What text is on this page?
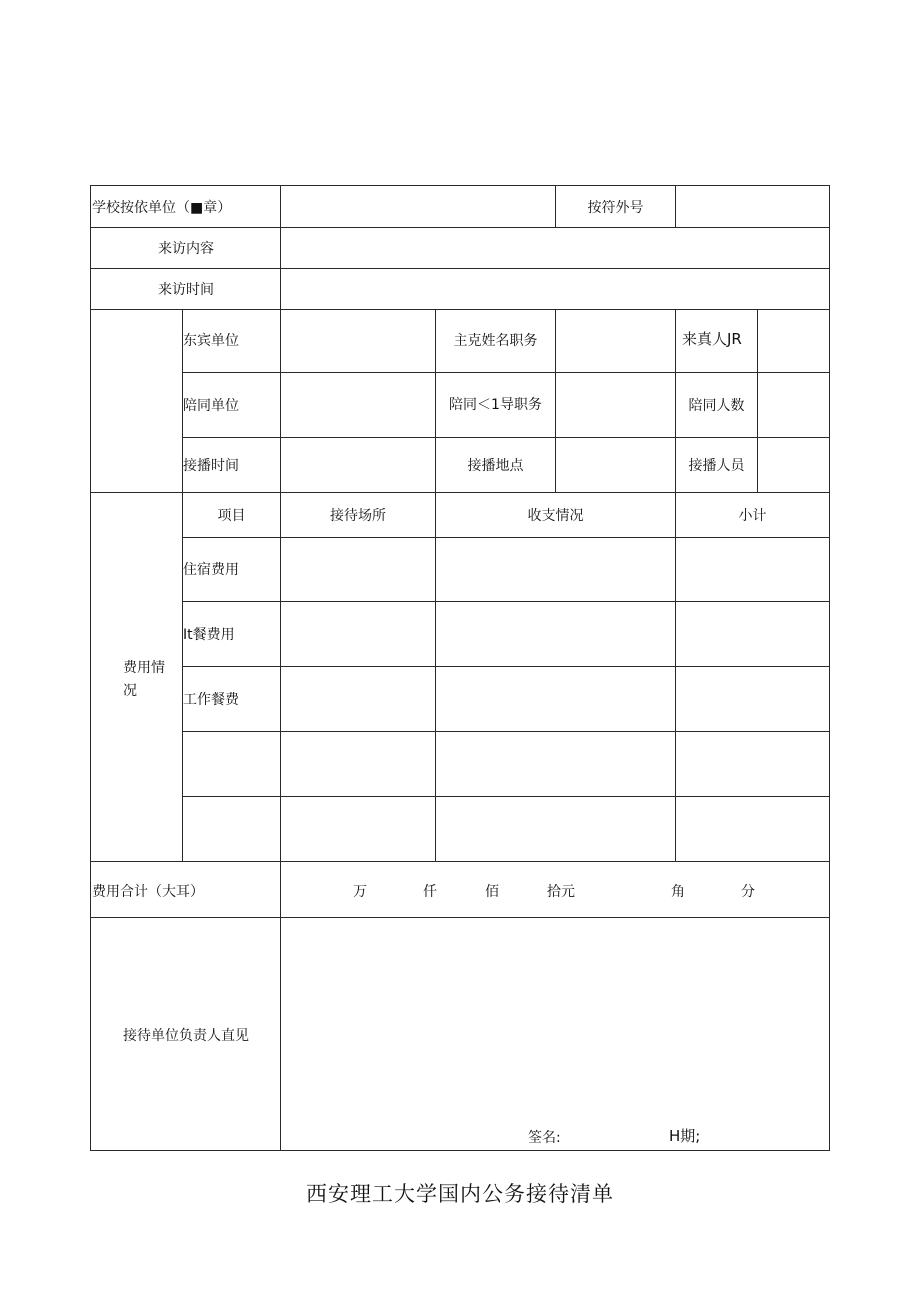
学校按依单位（■章）	按符外号
来访内容
来访时间
东宾单位	主克姓名职务	来真人JR
陪同单位	陪同＜1导职务	陪同人数
接播时间	接播地点	接播人员
费用情
况
项目	接待场所	收支情况	小计
住宿费用
It餐费用
工作餐费
费用合计（大耳）	万	仟	佰	拾元	角	分
接待单位负责人直见
筌名:	H期;
西安理工大学国内公务接待清单
